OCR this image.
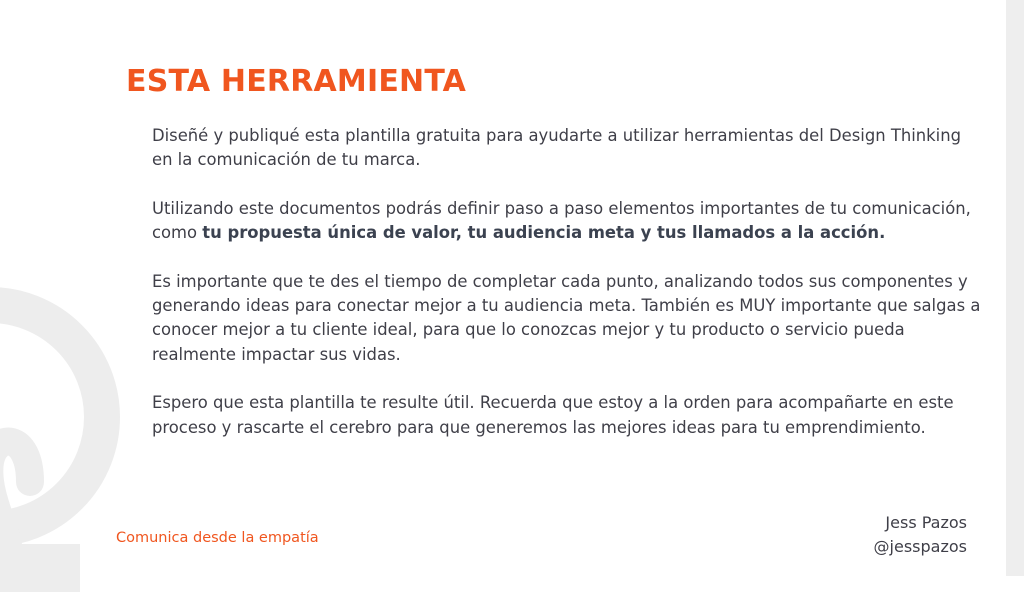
ESTA HERRAMIENTA

Diseñé y publiqué esta plantilla gratuita para ayudarte a utilizar herramientas del Design Thinking en la comunicación de tu marca.

Utilizando este documentos podrás definir paso a paso elementos importantes de tu comunicación, como tu propuesta única de valor, tu audiencia meta y tus llamados a la acción.

Es importante que te des el tiempo de completar cada punto, analizando todos sus componentes y generando ideas para conectar mejor a tu audiencia meta. También es MUY importante que salgas a conocer mejor a tu cliente ideal, para que lo conozcas mejor y tu producto o servicio pueda realmente impactar sus vidas.

Espero que esta plantilla te resulte útil. Recuerda que estoy a la orden para acompañarte en este proceso y rascarte el cerebro para que generemos las mejores ideas para tu emprendimiento.

Comunica desde la empatía
Jess Pazos
@jesspazos
